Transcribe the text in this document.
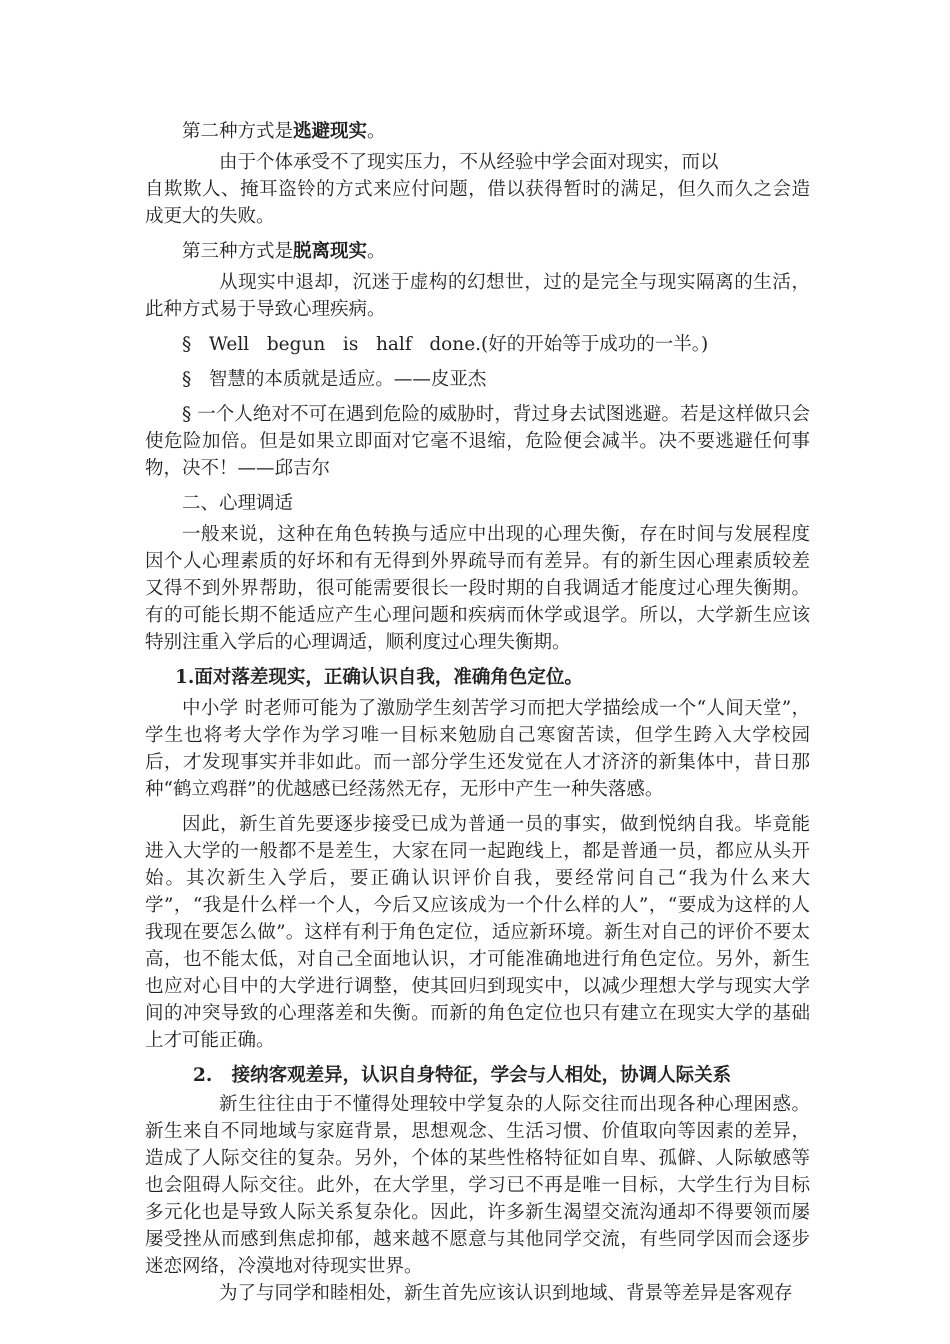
第二种方式是逃避现实。

由于个体承受不了现实压力，不从经验中学会面对现实，而以
自欺欺人、掩耳盗铃的方式来应付问题，借以获得暂时的满足，但久而久之会造成更大的失败。

第三种方式是脱离现实。

从现实中退却，沉迷于虚构的幻想世，过的是完全与现实隔离的生活，此种方式易于导致心理疾病。

§   Well   begun   is   half   done.(好的开始等于成功的一半。)

§   智慧的本质就是适应。——皮亚杰

§ 一个人绝对不可在遇到危险的威胁时，背过身去试图逃避。若是这样做只会使危险加倍。但是如果立即面对它毫不退缩，危险便会减半。决不要逃避任何事物，决不！——邱吉尔

二、心理调适

一般来说，这种在角色转换与适应中出现的心理失衡，存在时间与发展程度因个人心理素质的好坏和有无得到外界疏导而有差异。有的新生因心理素质较差又得不到外界帮助，很可能需要很长一段时期的自我调适才能度过心理失衡期。有的可能长期不能适应产生心理问题和疾病而休学或退学。所以，大学新生应该特别注重入学后的心理调适，顺利度过心理失衡期。

1.面对落差现实，正确认识自我，准确角色定位。

中小学 时老师可能为了激励学生刻苦学习而把大学描绘成一个“人间天堂”，学生也将考大学作为学习唯一目标来勉励自己寒窗苦读，但学生跨入大学校园后，才发现事实并非如此。而一部分学生还发觉在人才济济的新集体中，昔日那种“鹤立鸡群”的优越感已经荡然无存，无形中产生一种失落感。

因此，新生首先要逐步接受已成为普通一员的事实，做到悦纳自我。毕竟能进入大学的一般都不是差生，大家在同一起跑线上，都是普通一员，都应从头开始。其次新生入学后，要正确认识评价自我，要经常问自己“我为什么来大学”，“我是什么样一个人，今后又应该成为一个什么样的人”，“要成为这样的人我现在要怎么做”。这样有利于角色定位，适应新环境。新生对自己的评价不要太高，也不能太低，对自己全面地认识，才可能准确地进行角色定位。另外，新生也应对心目中的大学进行调整，使其回归到现实中，以减少理想大学与现实大学间的冲突导致的心理落差和失衡。而新的角色定位也只有建立在现实大学的基础上才可能正确。

2.   接纳客观差异，认识自身特征，学会与人相处，协调人际关系

新生往往由于不懂得处理较中学复杂的人际交往而出现各种心理困惑。新生来自不同地域与家庭背景，思想观念、生活习惯、价值取向等因素的差异，造成了人际交往的复杂。另外，个体的某些性格特征如自卑、孤僻、人际敏感等也会阻碍人际交往。此外，在大学里，学习已不再是唯一目标，大学生行为目标多元化也是导致人际关系复杂化。因此，许多新生渴望交流沟通却不得要领而屡屡受挫从而感到焦虑抑郁，越来越不愿意与其他同学交流，有些同学因而会逐步迷恋网络，冷漠地对待现实世界。

为了与同学和睦相处，新生首先应该认识到地域、背景等差异是客观存
